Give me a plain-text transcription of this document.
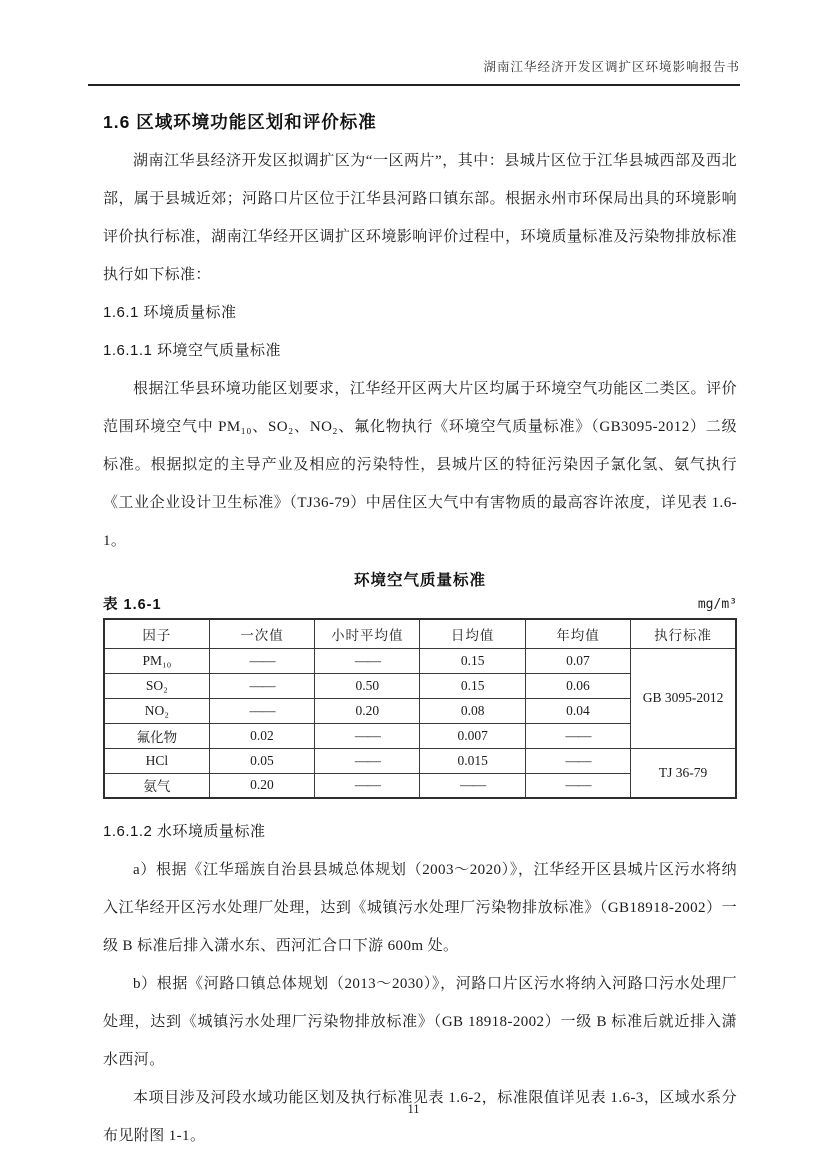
湖南江华经济开发区调扩区环境影响报告书
1.6 区域环境功能区划和评价标准

湖南江华县经济开发区拟调扩区为“一区两片”，其中：县城片区位于江华县城西部及西北部，属于县城近郊；河路口片区位于江华县河路口镇东部。根据永州市环保局出具的环境影响评价执行标准，湖南江华经开区调扩区环境影响评价过程中，环境质量标准及污染物排放标准执行如下标准：

1.6.1 环境质量标准
1.6.1.1 环境空气质量标准

根据江华县环境功能区划要求，江华经开区两大片区均属于环境空气功能区二类区。评价范围环境空气中 PM₁₀、SO₂、NO₂、氟化物执行《环境空气质量标准》（GB3095-2012）二级标准。根据拟定的主导产业及相应的污染特性，县城片区的特征污染因子氯化氢、氨气执行《工业企业设计卫生标准》（TJ36-79）中居住区大气中有害物质的最高容许浓度，详见表 1.6-1。

环境空气质量标准
表 1.6-1	mg/m³
因子	一次值	小时平均值	日均值	年均值	执行标准
PM₁₀	——	——	0.15	0.07	GB 3095-2012
SO₂	——	0.50	0.15	0.06	
NO₂	——	0.20	0.08	0.04	
氟化物	0.02	——	0.007	——	
HCl	0.05	——	0.015	——	TJ 36-79
氨气	0.20	——	——	——	
1.6.1.2 水环境质量标准

a）根据《江华瑶族自治县县城总体规划（2003～2020）》，江华经开区县城片区污水将纳入江华经开区污水处理厂处理，达到《城镇污水处理厂污染物排放标准》（GB18918-2002）一级 B 标准后排入潇水东、西河汇合口下游 600m 处。

b）根据《河路口镇总体规划（2013～2030）》，河路口片区污水将纳入河路口污水处理厂处理，达到《城镇污水处理厂污染物排放标准》（GB 18918-2002）一级 B 标准后就近排入潇水西河。

本项目涉及河段水域功能区划及执行标准见表 1.6-2，标准限值详见表 1.6-3，区域水系分布见附图 1-1。

11
